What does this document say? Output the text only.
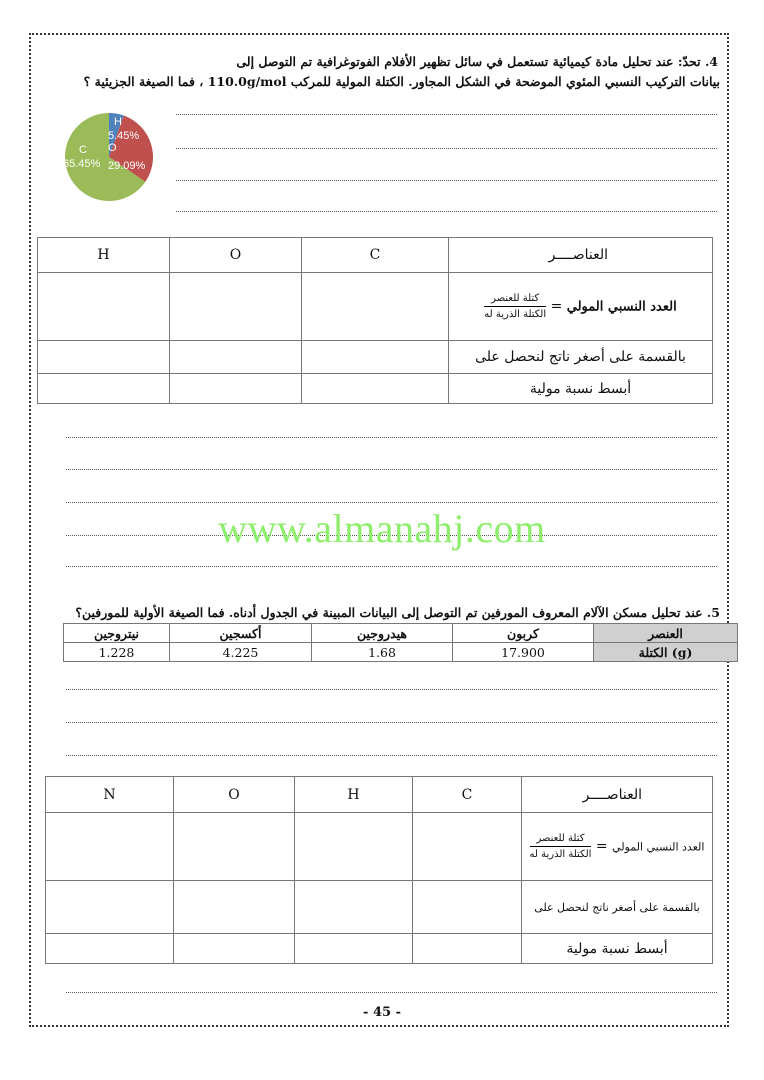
4. تحدّ: عند تحليل مادة كيميائية تستعمل في سائل تظهير الأفلام الفوتوغرافية تم التوصل إلى
بيانات التركيب النسبي المئوي الموضحة في الشكل المجاور. الكتلة المولية للمركب 110.0g/mol ، فما الصيغة الجزيئية ؟
H
5.45%
O
29.09%
C
65.45%
H	O	C	العناصــــر
			العدد النسبي المولي =
$\frac{\text{كتلة للعنصر}}{\text{الكتلة الذرية له}}$

			بالقسمة على أصغر ناتج لنحصل على
			أبسط نسبة مولية
www.almanahj.com
5. عند تحليل مسكن الآلام المعروف المورفين تم التوصل إلى البيانات المبينة في الجدول أدناه. فما الصيغة الأولية للمورفين؟
نيتروجين	أكسجين	هيدروجين	كربون	العنصر
1.228	4.225	1.68	17.900	الكتلة (g)
N	O	H	C	العناصــــر
				العدد النسبي المولي =
$\frac{\text{كتلة للعنصر}}{\text{الكتلة الذرية له}}$

				بالقسمة على أصغر ناتج لنحصل على
				أبسط نسبة مولية
- 45 -
